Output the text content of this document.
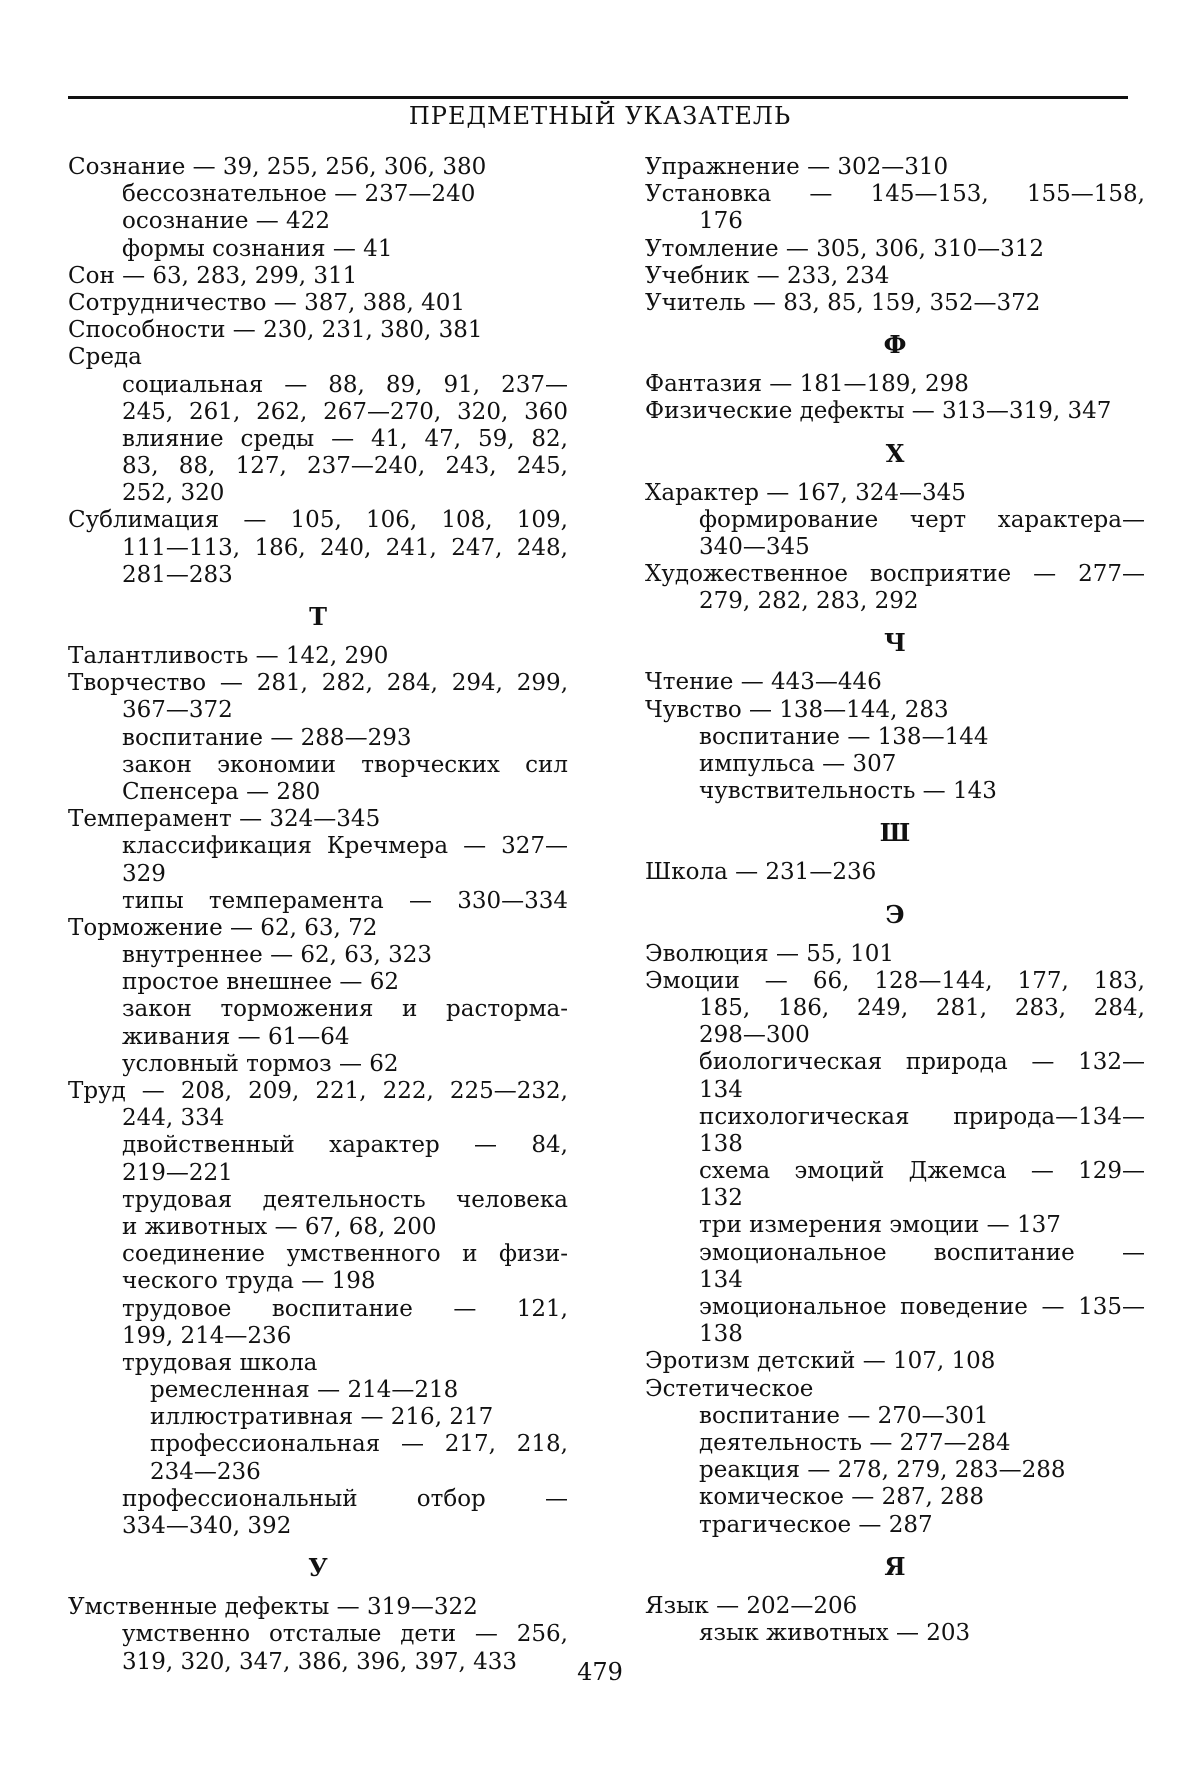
ПРЕДМЕТНЫЙ УКАЗАТЕЛЬ
Сознание — 39, 255, 256, 306, 380
бессознательное — 237—240
осознание — 422
формы сознания — 41
Сон — 63, 283, 299, 311
Сотрудничество — 387, 388, 401
Способности — 230, 231, 380, 381
Среда
социальная — 88, 89, 91, 237—
245, 261, 262, 267—270, 320, 360
влияние среды — 41, 47, 59, 82,
83, 88, 127, 237—240, 243, 245,
252, 320
Сублимация — 105, 106, 108, 109,
111—113, 186, 240, 241, 247, 248,
281—283
Т
Талантливость — 142, 290
Творчество — 281, 282, 284, 294, 299,
367—372
воспитание — 288—293
закон экономии творческих сил
Спенсера — 280
Темперамент — 324—345
классификация Кречмера — 327—
329
типы темперамента — 330—334
Торможение — 62, 63, 72
внутреннее — 62, 63, 323
простое внешнее — 62
закон торможения и расторма-
живания — 61—64
условный тормоз — 62
Труд — 208, 209, 221, 222, 225—232,
244, 334
двойственный характер — 84,
219—221
трудовая деятельность человека
и животных — 67, 68, 200
соединение умственного и физи-
ческого труда — 198
трудовое воспитание — 121,
199, 214—236
трудовая школа
ремесленная — 214—218
иллюстративная — 216, 217
профессиональная — 217, 218,
234—236
профессиональный отбор —
334—340, 392
У
Умственные дефекты — 319—322
умственно отсталые дети — 256,
319, 320, 347, 386, 396, 397, 433
Упражнение — 302—310
Установка — 145—153, 155—158,
176
Утомление — 305, 306, 310—312
Учебник — 233, 234
Учитель — 83, 85, 159, 352—372
Ф
Фантазия — 181—189, 298
Физические дефекты — 313—319, 347
Х
Характер — 167, 324—345
формирование черт характера—
340—345
Художественное восприятие — 277—
279, 282, 283, 292
Ч
Чтение — 443—446
Чувство — 138—144, 283
воспитание — 138—144
импульса — 307
чувствительность — 143
Ш
Школа — 231—236
Э
Эволюция — 55, 101
Эмоции — 66, 128—144, 177, 183,
185, 186, 249, 281, 283, 284,
298—300
биологическая природа — 132—
134
психологическая природа—134—
138
схема эмоций Джемса — 129—
132
три измерения эмоции — 137
эмоциональное воспитание —
134
эмоциональное поведение — 135—
138
Эротизм детский — 107, 108
Эстетическое
воспитание — 270—301
деятельность — 277—284
реакция — 278, 279, 283—288
комическое — 287, 288
трагическое — 287
Я
Язык — 202—206
язык животных — 203
479
